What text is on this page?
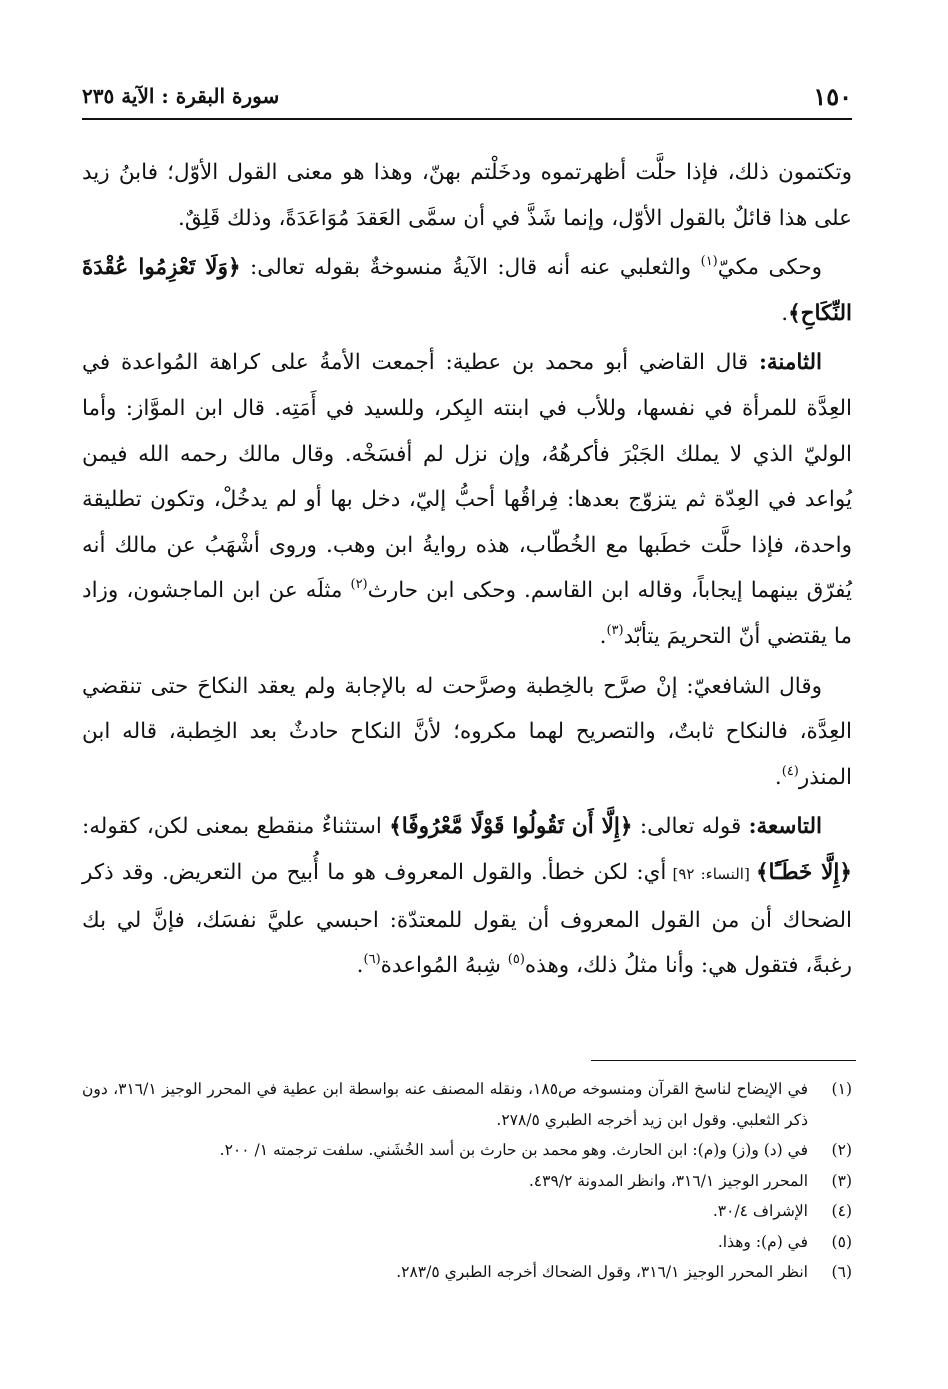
١٥٠
سورة البقرة : الآية ٢٣٥

وتكتمون ذلك، فإذا حلَّت أظهرتموه ودخَلْتم بهنّ، وهذا هو معنى القول الأوّل؛ فابنُ زيد على هذا قائلٌ بالقول الأوّل، وإنما شَذَّ في أن سمَّى العَقدَ مُوَاعَدَةً، وذلك قَلِقٌ.

وحكى مكيّ$^{(١)}$ والثعلبي عنه أنه قال: الآيةُ منسوخةٌ بقوله تعالى: ﴿وَلَا تَعْزِمُوا عُقْدَةَ النِّكَاحِ﴾.

الثامنة: قال القاضي أبو محمد بن عطية: أجمعت الأمةُ على كراهة المُواعدة في العِدَّة للمرأة في نفسها، وللأب في ابنته البِكر، وللسيد في أَمَتِه. قال ابن الموَّاز: وأما الوليّ الذي لا يملك الجَبْرَ فأكرهُهُ، وإن نزل لم أفسَخْه. وقال مالك رحمه الله فيمن يُواعد في العِدّة ثم يتزوّج بعدها: فِراقُها أحبُّ إليّ، دخل بها أو لم يدخُلْ، وتكون تطليقة واحدة، فإذا حلَّت خطَبها مع الخُطّاب، هذه روايةُ ابن وهب. وروى أشْهَبُ عن مالك أنه يُفرّق بينهما إيجاباً، وقاله ابن القاسم. وحكى ابن حارث$^{(٢)}$ مثلَه عن ابن الماجشون، وزاد ما يقتضي أنّ التحريمَ يتأبّد$^{(٣)}$.

وقال الشافعيّ: إنْ صرَّح بالخِطبة وصرَّحت له بالإجابة ولم يعقد النكاحَ حتى تنقضي العِدَّة، فالنكاح ثابتٌ، والتصريح لهما مكروه؛ لأنَّ النكاح حادثٌ بعد الخِطبة، قاله ابن المنذر$^{(٤)}$.

التاسعة: قوله تعالى: ﴿إِلَّا أَن تَقُولُوا قَوْلًا مَّعْرُوفًا﴾ استثناءٌ منقطع بمعنى لكن، كقوله: ﴿إِلَّا خَطَـًٔا﴾ [النساء: ٩٢] أي: لكن خطأ. والقول المعروف هو ما أُبيح من التعريض. وقد ذكر الضحاك أن من القول المعروف أن يقول للمعتدّة: احبسي عليَّ نفسَك، فإنَّ لي بك رغبةً، فتقول هي: وأنا مثلُ ذلك، وهذه$^{(٥)}$ شِبهُ المُواعدة$^{(٦)}$.

(١)
في الإيضاح لناسخ القرآن ومنسوخه ص١٨٥، ونقله المصنف عنه بواسطة ابن عطية في المحرر الوجيز ٣١٦/١، دون ذكر الثعلبي. وقول ابن زيد أخرجه الطبري ٢٧٨/٥.
(٢)
في (د) و(ز) و(م): ابن الحارث. وهو محمد بن حارث بن أسد الخُشَني. سلفت ترجمته ١/ ٢٠٠.
(٣)
المحرر الوجيز ٣١٦/١، وانظر المدونة ٤٣٩/٢.
(٤)
الإشراف ٣٠/٤.
(٥)
في (م): وهذا.
(٦)
انظر المحرر الوجيز ٣١٦/١، وقول الضحاك أخرجه الطبري ٢٨٣/٥.
